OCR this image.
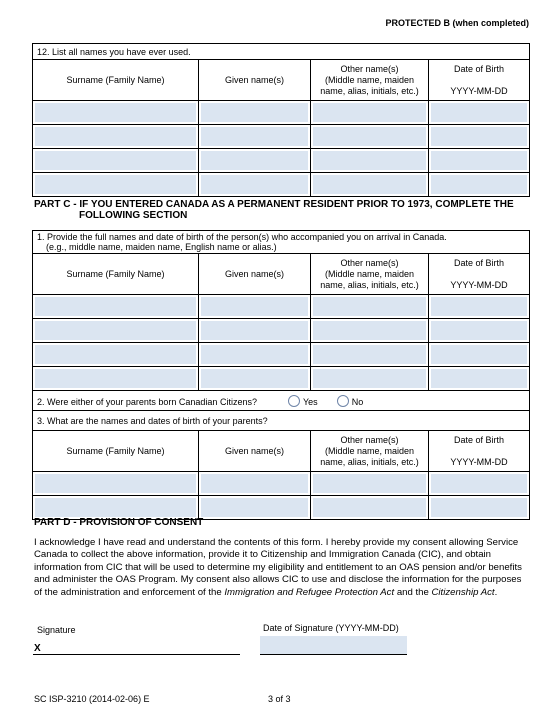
PROTECTED B (when completed)
12. List all names you have ever used.			
Surname (Family Name)	Given name(s)	Other name(s)
(Middle name, maiden
name, alias, initials, etc.)	Date of Birth

YYYY-MM-DD

PART C - IF YOU ENTERED CANADA AS A PERMANENT RESIDENT PRIOR TO 1973, COMPLETE THE
FOLLOWING SECTION
1. Provide the full names and date of birth of the person(s) who accompanied you on arrival in Canada.
(e.g., middle name, maiden name, English name or alias.)			

Surname (Family Name)	Given name(s)	Other name(s)
(Middle name, maiden
name, alias, initials, etc.)	Date of Birth

YYYY-MM-DD

2. Were either of your parents born Canadian Citizens? Yes No			
3. What are the names and dates of birth of your parents?			
Surname (Family Name)	Given name(s)	Other name(s)
(Middle name, maiden
name, alias, initials, etc.)	Date of Birth

YYYY-MM-DD

PART D - PROVISION OF CONSENT
I acknowledge I have read and understand the contents of this form. I hereby provide my consent allowing Service Canada to collect the above information, provide it to Citizenship and Immigration Canada (CIC), and obtain information from CIC that will be used to determine my eligibility and entitlement to an OAS pension and/or benefits and administer the OAS Program. My consent also allows CIC to use and disclose the information for the purposes of the administration and enforcement of the Immigration and Refugee Protection Act and the Citizenship Act.
Signature
X
Date of Signature (YYYY-MM-DD)
SC ISP-3210 (2014-02-06) E	3 of 3
